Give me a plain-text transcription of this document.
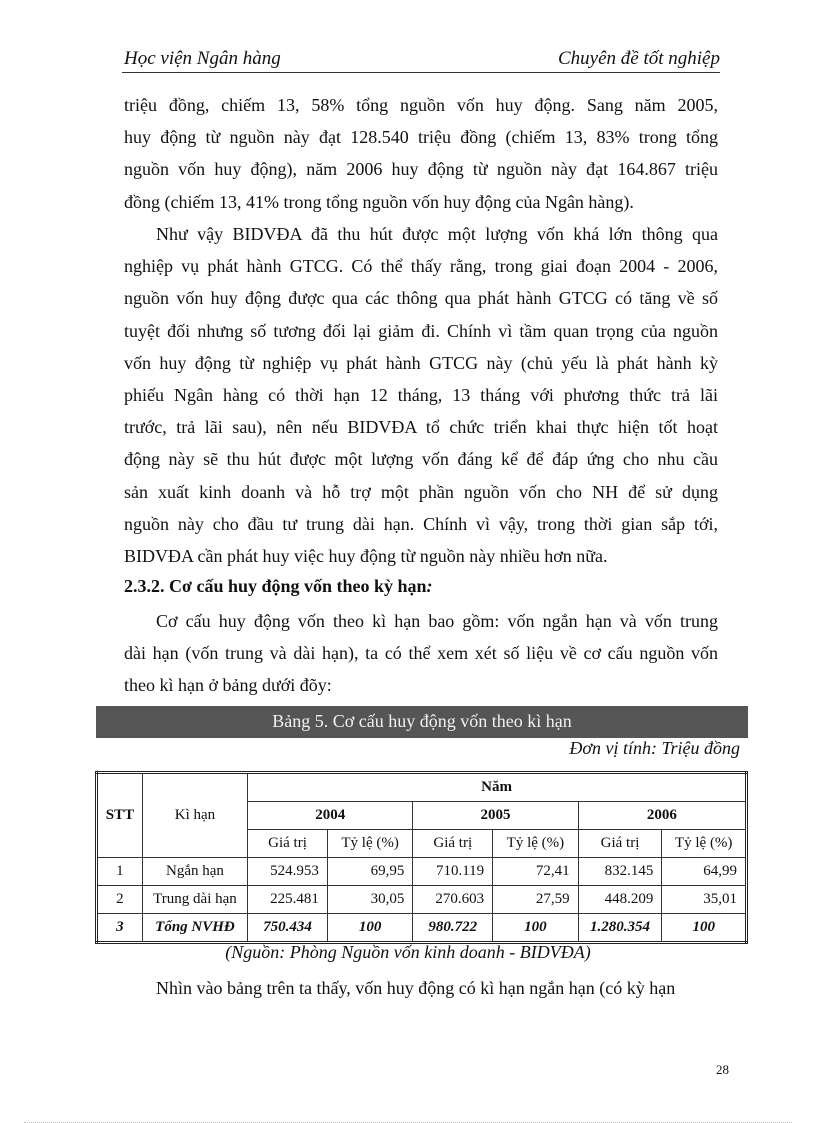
Học viện Ngân hàng	Chuyên đề tốt nghiệp
triệu đồng, chiếm 13, 58% tổng nguồn vốn huy động. Sang năm 2005,
huy động từ nguồn này đạt 128.540 triệu đồng (chiếm 13, 83% trong tổng
nguồn vốn huy động), năm 2006 huy động từ nguồn này đạt 164.867 triệu
đồng (chiếm 13, 41% trong tổng nguồn vốn huy động của Ngân hàng).
Như vậy BIDVĐA đã thu hút được một lượng vốn khá lớn thông qua
nghiệp vụ phát hành GTCG. Có thể thấy rằng, trong giai đoạn 2004 - 2006,
nguồn vốn huy động được qua các thông qua phát hành GTCG có tăng về số
tuyệt đối nhưng số tương đối lại giảm đi. Chính vì tầm quan trọng của nguồn
vốn huy động từ nghiệp vụ phát hành GTCG này (chủ yếu là phát hành kỳ
phiếu Ngân hàng có thời hạn 12 tháng, 13 tháng với phương thức trả lãi
trước, trả lãi sau), nên nếu BIDVĐA tổ chức triển khai thực hiện tốt hoạt
động này sẽ thu hút được một lượng vốn đáng kể để đáp ứng cho nhu cầu
sản xuất kinh doanh và hỗ trợ một phần nguồn vốn cho NH để sử dụng
nguồn này cho đầu tư trung dài hạn. Chính vì vậy, trong thời gian sắp tới,
BIDVĐA cần phát huy việc huy động từ nguồn này nhiều hơn nữa.
2.3.2. Cơ cấu huy động vốn theo kỳ hạn:
Cơ cấu huy động vốn theo kì hạn bao gồm: vốn ngắn hạn và vốn trung
dài hạn (vốn trung và dài hạn), ta có thể xem xét số liệu về cơ cấu nguồn vốn
theo kì hạn ở bảng dưới đõy:
Bảng 5. Cơ cấu huy động vốn theo kì hạn
Đơn vị tính: Triệu đồng
STT	Kì hạn	Năm					
		2004		2005		2006	
		Giá trị	Tỷ lệ (%)	Giá trị	Tỷ lệ (%)	Giá trị	Tỷ lệ (%)
1	Ngắn hạn	524.953	69,95	710.119	72,41	832.145	64,99
2	Trung dài hạn	225.481	30,05	270.603	27,59	448.209	35,01
3	Tổng NVHĐ	750.434	100	980.722	100	1.280.354	100
(Nguồn: Phòng Nguồn vốn kinh doanh - BIDVĐA)
Nhìn vào bảng trên ta thấy, vốn huy động có kì hạn ngắn hạn (có kỳ hạn
28
